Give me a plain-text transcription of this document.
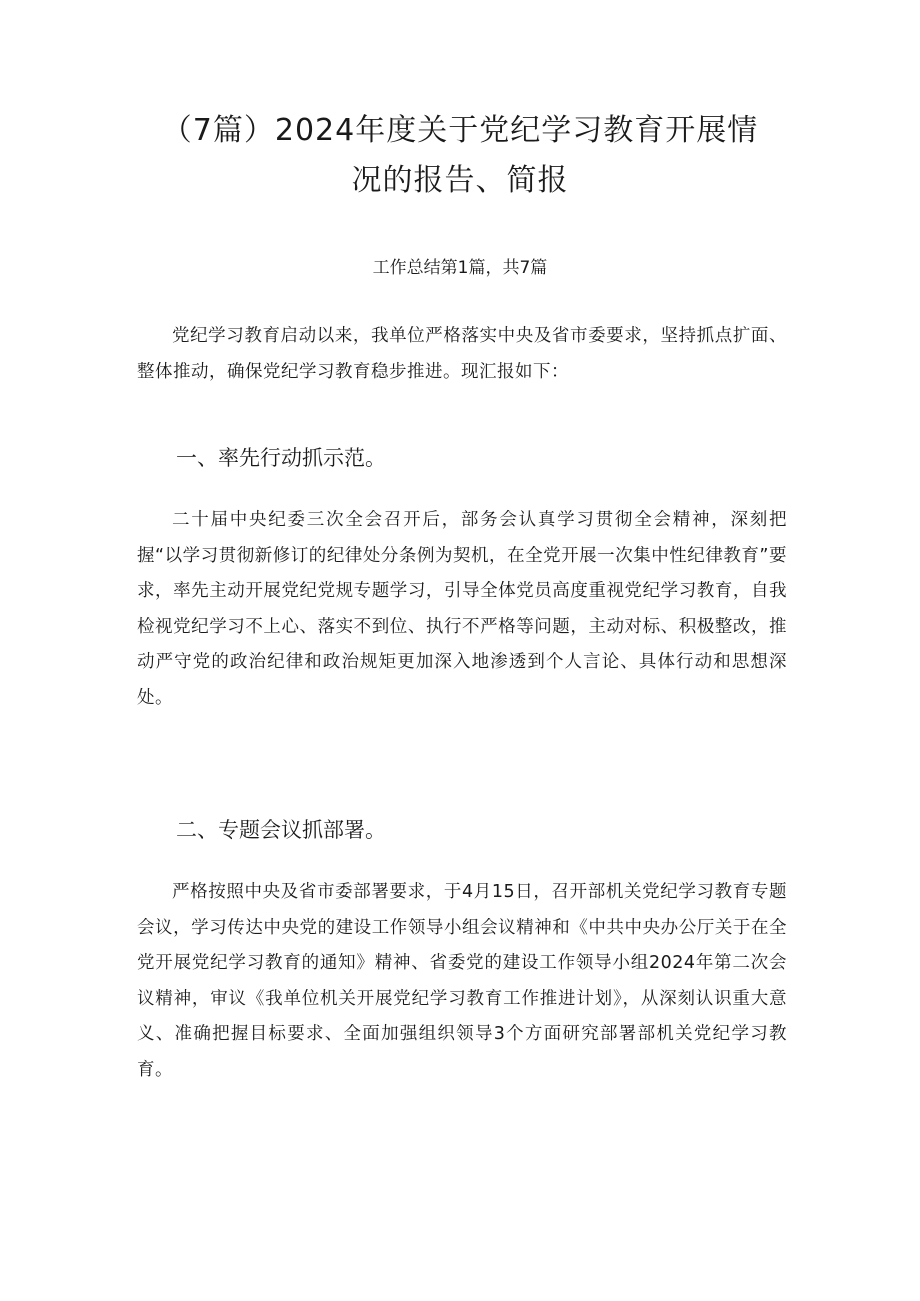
（7篇）2024年度关于党纪学习教育开展情
况的报告、简报

工作总结第1篇，共7篇

党纪学习教育启动以来，我单位严格落实中央及省市委要求，坚持抓点扩面、整体推动，确保党纪学习教育稳步推进。现汇报如下：

一、率先行动抓示范。

二十届中央纪委三次全会召开后，部务会认真学习贯彻全会精神，深刻把握“以学习贯彻新修订的纪律处分条例为契机，在全党开展一次集中性纪律教育”要求，率先主动开展党纪党规专题学习，引导全体党员高度重视党纪学习教育，自我检视党纪学习不上心、落实不到位、执行不严格等问题，主动对标、积极整改，推动严守党的政治纪律和政治规矩更加深入地渗透到个人言论、具体行动和思想深处。

二、专题会议抓部署。

严格按照中央及省市委部署要求，于4月15日，召开部机关党纪学习教育专题会议，学习传达中央党的建设工作领导小组会议精神和《中共中央办公厅关于在全党开展党纪学习教育的通知》精神、省委党的建设工作领导小组2024年第二次会议精神，审议《我单位机关开展党纪学习教育工作推进计划》，从深刻认识重大意义、准确把握目标要求、全面加强组织领导3个方面研究部署部机关党纪学习教育。
